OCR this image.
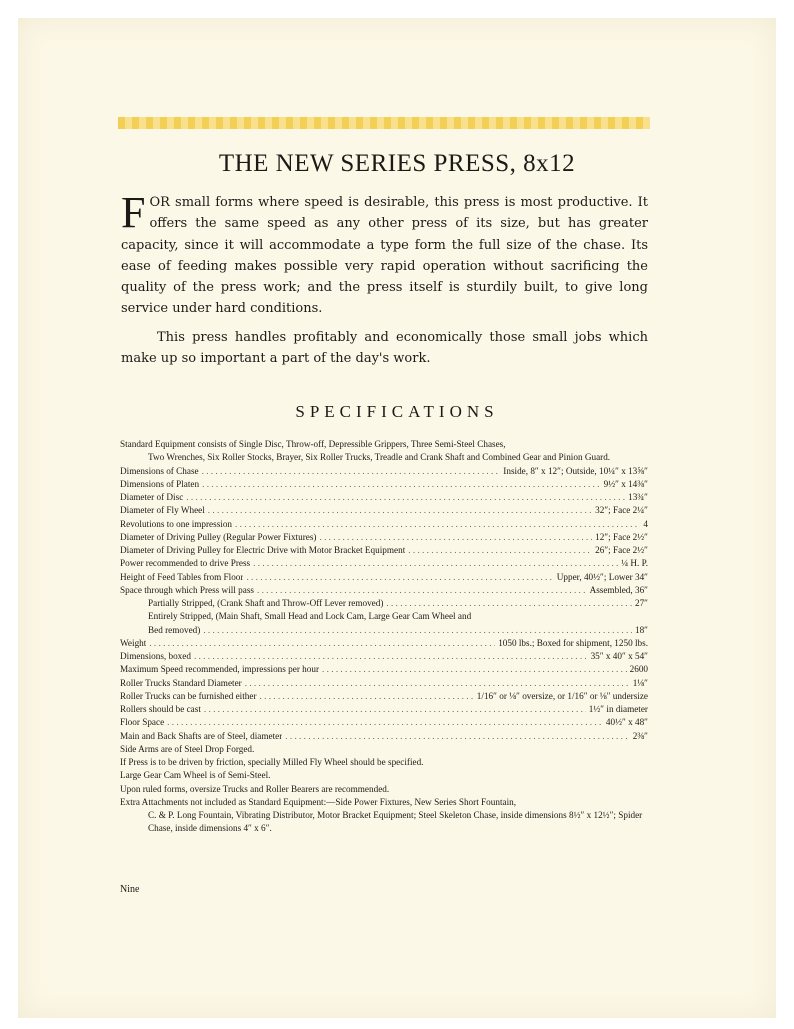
THE NEW SERIES PRESS, 8x12
FOR small forms where speed is desirable, this press is most productive. It offers the same speed as any other press of its size, but has greater capacity, since it will accommodate a type form the full size of the chase. Its ease of feeding makes possible very rapid operation without sacrificing the quality of the press work; and the press itself is sturdily built, to give long service under hard conditions.
This press handles profitably and economically those small jobs which make up so important a part of the day's work.
SPECIFICATIONS
Standard Equipment consists of Single Disc, Throw-off, Depressible Grippers, Three Semi-Steel Chases,
Two Wrenches, Six Roller Stocks, Brayer, Six Roller Trucks, Treadle and Crank Shaft and Combined Gear and Pinion Guard.
Dimensions of Chase . . .	Inside, 8″ x 12″; Outside, 10¼″ x 13⅝″
Dimensions of Platen . . .	9½″ x 14⅜″
Diameter of Disc . . .	13¾″
Diameter of Fly Wheel . . .	32″; Face 2¼″
Revolutions to one impression . . .	4
Diameter of Driving Pulley (Regular Power Fixtures) . . .	12″; Face 2½″
Diameter of Driving Pulley for Electric Drive with Motor Bracket Equipment . . .	26″; Face 2½″
Power recommended to drive Press . . .	¼ H. P.
Height of Feed Tables from Floor . . .	Upper, 40½″; Lower 34″
Space through which Press will pass . . .	Assembled, 36″
Partially Stripped, (Crank Shaft and Throw-Off Lever removed) . . .	27″
Entirely Stripped, (Main Shaft, Small Head and Lock Cam, Large Gear Cam Wheel and
Bed removed) . . .	18″
Weight . . .	1050 lbs.; Boxed for shipment, 1250 lbs.
Dimensions, boxed . . .	35″ x 40″ x 54″
Maximum Speed recommended, impressions per hour . . .	2600
Roller Trucks Standard Diameter . . .	1⅛″
Roller Trucks can be furnished either . . .	1/16″ or ⅛″ oversize, or 1/16″ or ⅛″ undersize
Rollers should be cast . . .	1½″ in diameter
Floor Space . . .	40½″ x 48″
Main and Back Shafts are of Steel, diameter . . .	2⅜″
Side Arms are of Steel Drop Forged.
If Press is to be driven by friction, specially Milled Fly Wheel should be specified.
Large Gear Cam Wheel is of Semi-Steel.
Upon ruled forms, oversize Trucks and Roller Bearers are recommended.
Extra Attachments not included as Standard Equipment:—Side Power Fixtures, New Series Short Fountain,
C. & P. Long Fountain, Vibrating Distributor, Motor Bracket Equipment; Steel Skeleton Chase, inside dimensions 8½″ x 12½″; Spider Chase, inside dimensions 4″ x 6″.
Nine
